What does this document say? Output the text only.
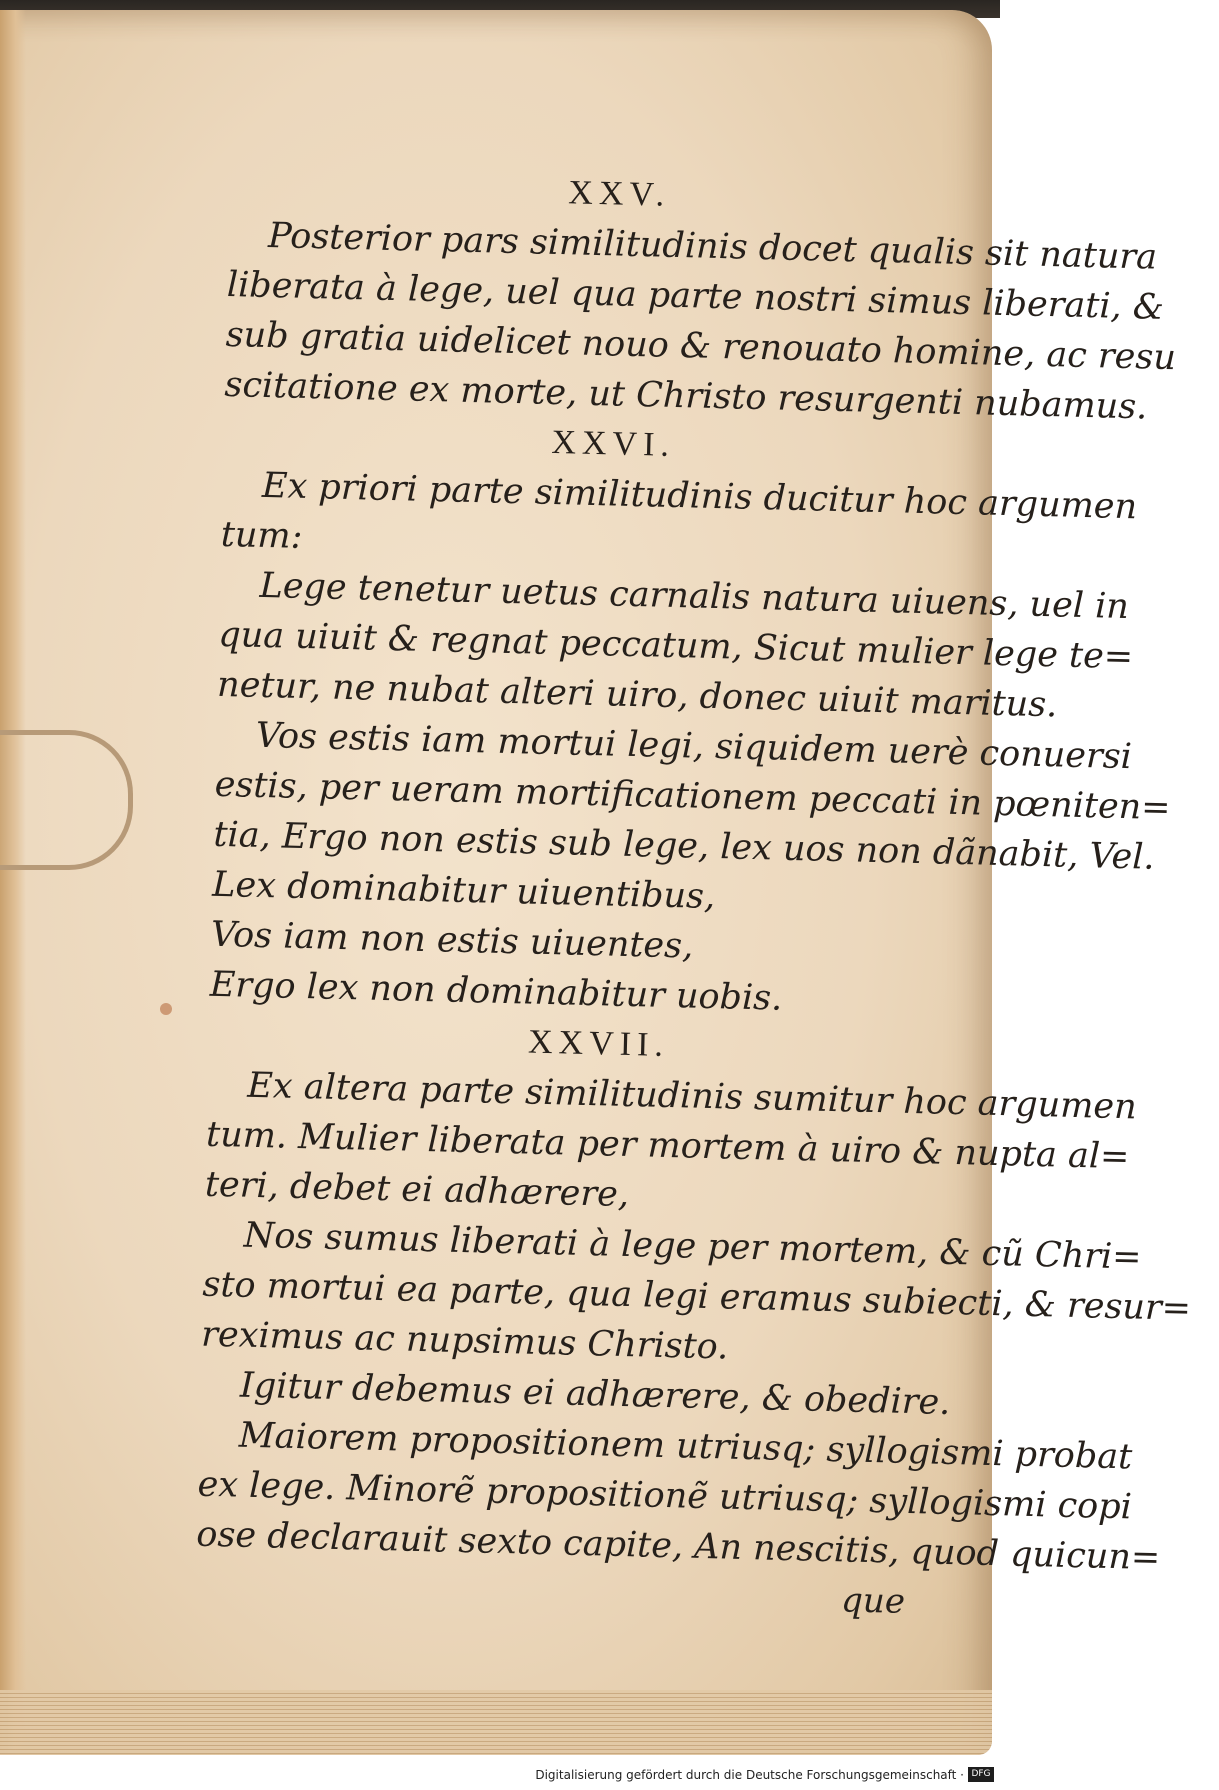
XXV.
Posterior pars similitudinis docet qualis sit natura
liberata à lege, uel qua parte nostri simus liberati, &
sub gratia uidelicet nouo & renouato homine, ac resu
scitatione ex morte, ut Christo resurgenti nubamus.
XXVI.
Ex priori parte similitudinis ducitur hoc argumen
tum:
Lege tenetur uetus carnalis natura uiuens, uel in
qua uiuit & regnat peccatum, Sicut mulier lege te=
netur, ne nubat alteri uiro, donec uiuit maritus.
Vos estis iam mortui legi, siquidem uerè conuersi
estis, per ueram mortificationem peccati in pœniten=
tia, Ergo non estis sub lege, lex uos non dãnabit, Vel.
Lex dominabitur uiuentibus,
Vos iam non estis uiuentes,
Ergo lex non dominabitur uobis.
XXVII.
Ex altera parte similitudinis sumitur hoc argumen
tum. Mulier liberata per mortem à uiro & nupta al=
teri, debet ei adhærere,
Nos sumus liberati à lege per mortem, & cũ Chri=
sto mortui ea parte, qua legi eramus subiecti, & resur=
reximus ac nupsimus Christo.
Igitur debemus ei adhærere, & obedire.
Maiorem propositionem utriusq; syllogismi probat
ex lege. Minorẽ propositionẽ utriusq; syllogismi copi
ose declarauit sexto capite, An nescitis, quod quicun=
que
Digitalisierung gefördert durch die Deutsche Forschungsgemeinschaft · DFG
